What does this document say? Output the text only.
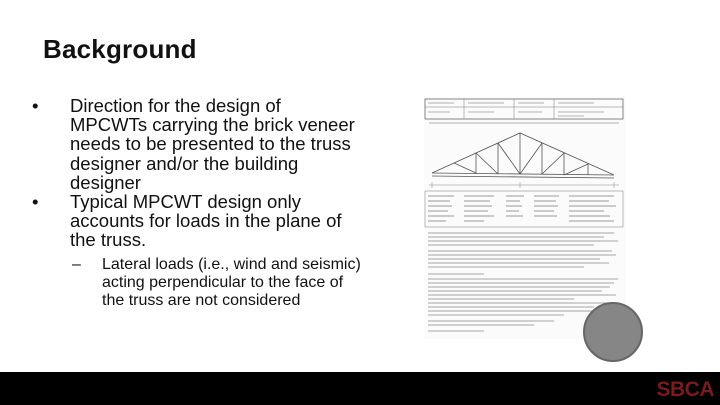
Background
• Direction for the design of MPCWTs carrying the brick veneer needs to be presented to the truss designer and/or the building designer
• Typical MPCWT design only accounts for loads in the plane of the truss.
– Lateral loads (i.e., wind and seismic) acting perpendicular to the face of the truss are not considered
SBCA
